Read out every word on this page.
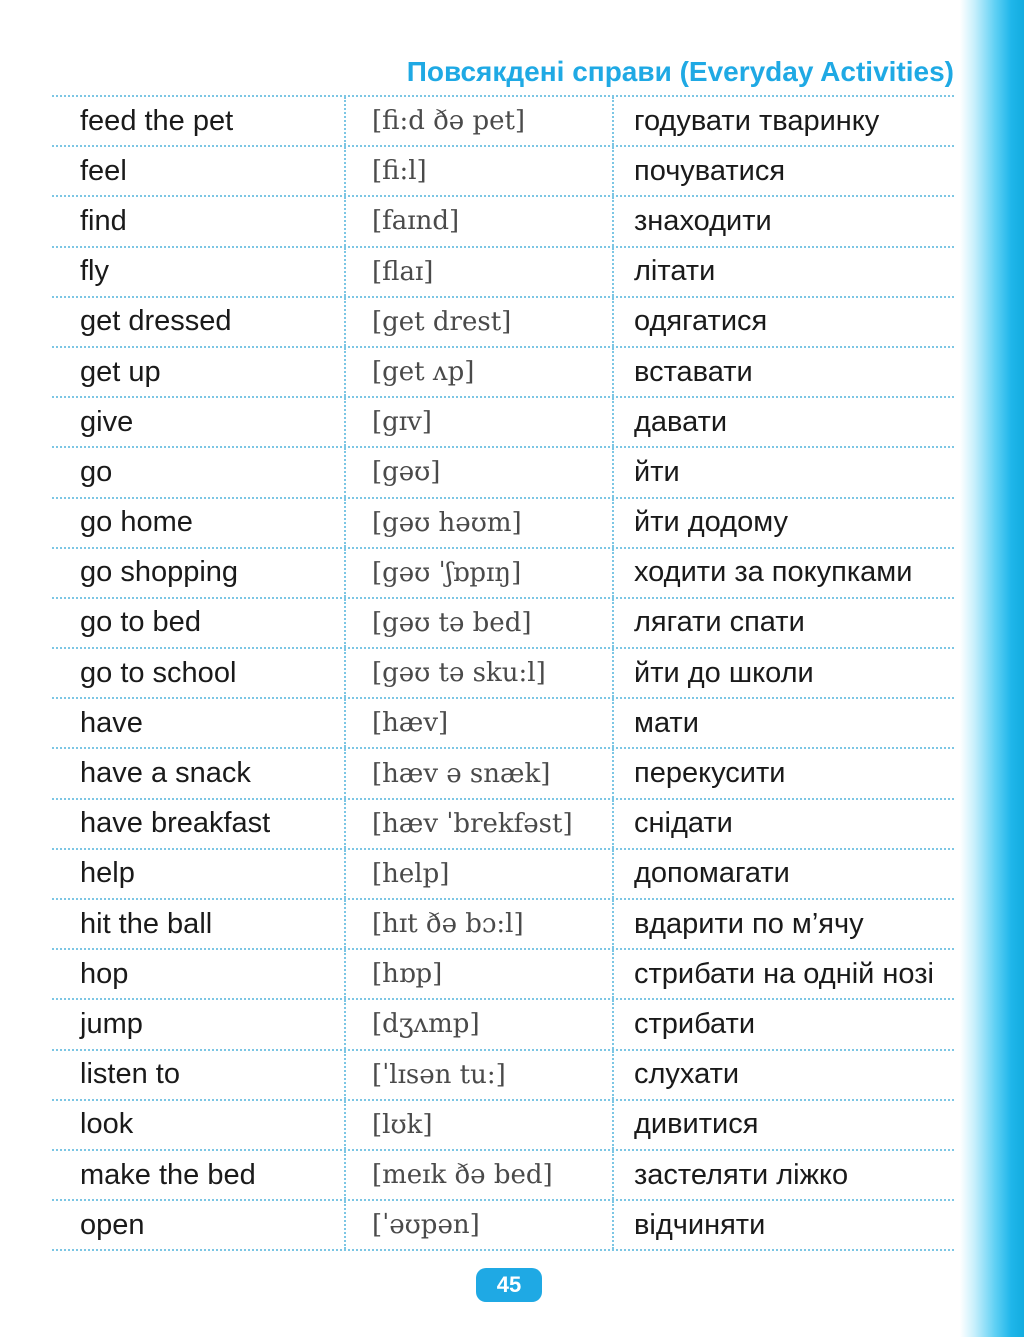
Повсякдені справи (Everyday Activities)
feed the pet	[fi:d ðə pet]	годувати тваринку
feel	[fi:l]	почуватися
find	[faɪnd]	знаходити
fly	[flaɪ]	літати
get dressed	[get drest]	одягатися
get up	[get ʌp]	вставати
give	[gɪv]	давати
go	[gəʊ]	йти
go home	[gəʊ həʊm]	йти додому
go shopping	[gəʊ ˈʃɒpɪŋ]	ходити за покупками
go to bed	[gəʊ tə bed]	лягати спати
go to school	[gəʊ tə sku:l]	йти до школи
have	[hæv]	мати
have a snack	[hæv ə snæk]	перекусити
have breakfast	[hæv ˈbrekfəst]	снідати
help	[help]	допомагати
hit the ball	[hɪt ðə bɔ:l]	вдарити по м’ячу
hop	[hɒp]	стрибати на одній нозі
jump	[dʒʌmp]	стрибати
listen to	[ˈlɪsən tu:]	слухати
look	[lʊk]	дивитися
make the bed	[meɪk ðə bed]	застеляти ліжко
open	[ˈəʊpən]	відчиняти
45
